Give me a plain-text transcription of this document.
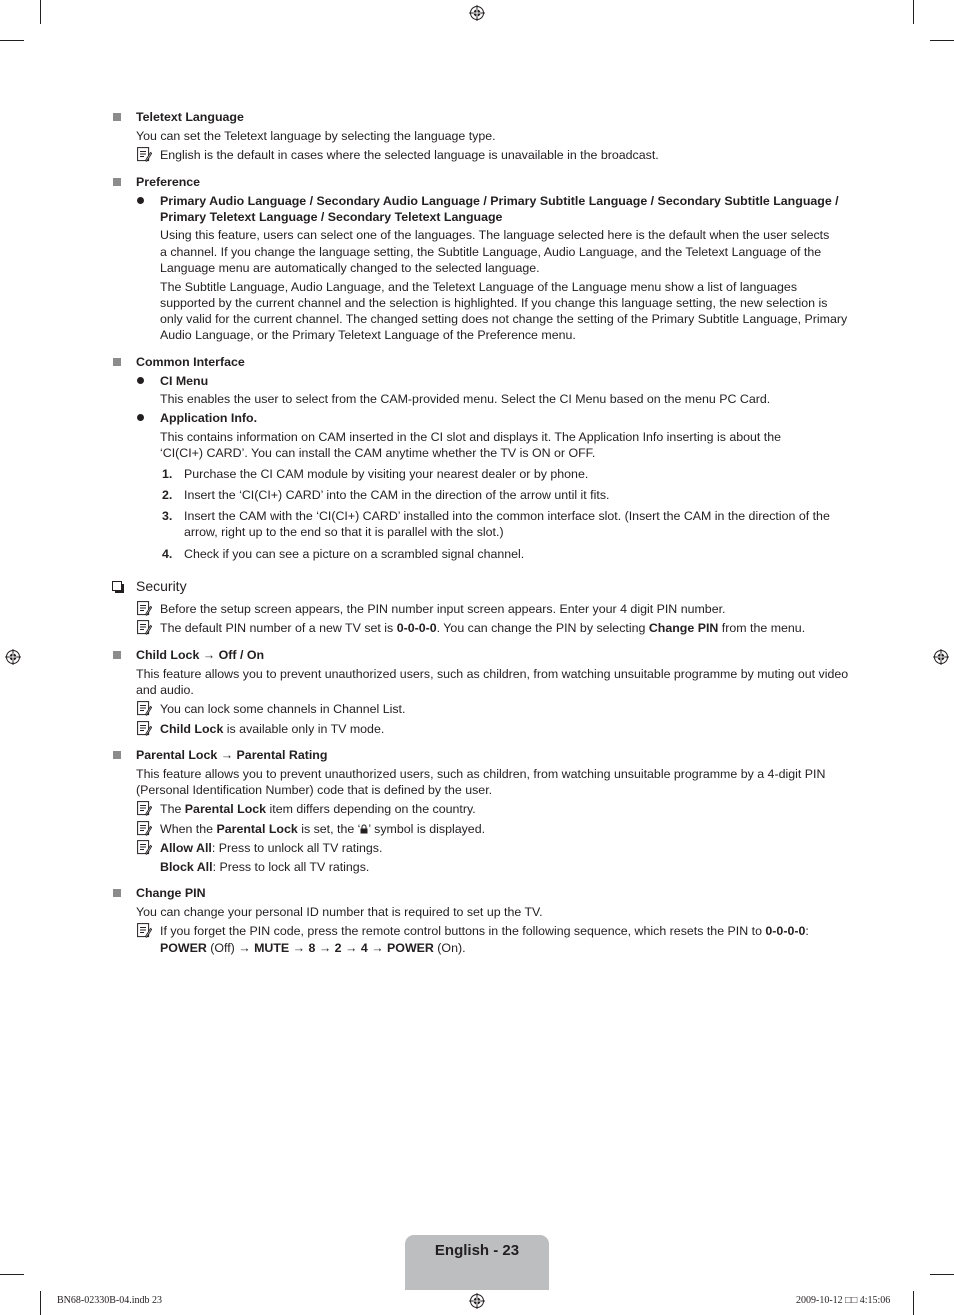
Teletext Language
You can set the Teletext language by selecting the language type.
English is the default in cases where the selected language is unavailable in the broadcast.
Preference
Primary Audio Language / Secondary Audio Language / Primary Subtitle Language / Secondary Subtitle Language /
Primary Teletext Language / Secondary Teletext Language
Using this feature, users can select one of the languages. The language selected here is the default when the user selects
a channel. If you change the language setting, the Subtitle Language, Audio Language, and the Teletext Language of the
Language menu are automatically changed to the selected language.
The Subtitle Language, Audio Language, and the Teletext Language of the Language menu show a list of languages
supported by the current channel and the selection is highlighted. If you change this language setting, the new selection is
only valid for the current channel. The changed setting does not change the setting of the Primary Subtitle Language, Primary
Audio Language, or the Primary Teletext Language of the Preference menu.
Common Interface
CI Menu
This enables the user to select from the CAM-provided menu. Select the CI Menu based on the menu PC Card.
Application Info.
This contains information on CAM inserted in the CI slot and displays it. The Application Info inserting is about the
‘CI(CI+) CARD’. You can install the CAM anytime whether the TV is ON or OFF.
1. Purchase the CI CAM module by visiting your nearest dealer or by phone.
2. Insert the ‘CI(CI+) CARD’ into the CAM in the direction of the arrow until it fits.
3. Insert the CAM with the ‘CI(CI+) CARD’ installed into the common interface slot. (Insert the CAM in the direction of the
arrow, right up to the end so that it is parallel with the slot.)
4. Check if you can see a picture on a scrambled signal channel.
Security
Before the setup screen appears, the PIN number input screen appears. Enter your 4 digit PIN number.
The default PIN number of a new TV set is 0-0-0-0. You can change the PIN by selecting Change PIN from the menu.
Child Lock → Off / On
This feature allows you to prevent unauthorized users, such as children, from watching unsuitable programme by muting out video
and audio.
You can lock some channels in Channel List.
Child Lock is available only in TV mode.
Parental Lock → Parental Rating
This feature allows you to prevent unauthorized users, such as children, from watching unsuitable programme by a 4-digit PIN
(Personal Identification Number) code that is defined by the user.
The Parental Lock item differs depending on the country.
When the Parental Lock is set, the ‘ ’ symbol is displayed.
Allow All: Press to unlock all TV ratings.
Block All: Press to lock all TV ratings.
Change PIN
You can change your personal ID number that is required to set up the TV.
If you forget the PIN code, press the remote control buttons in the following sequence, which resets the PIN to 0-0-0-0:
POWER (Off) → MUTE → 8 → 2 → 4 → POWER (On).
English - 23
BN68-02330B-04.indb 23	2009-10-12 □□ 4:15:06
